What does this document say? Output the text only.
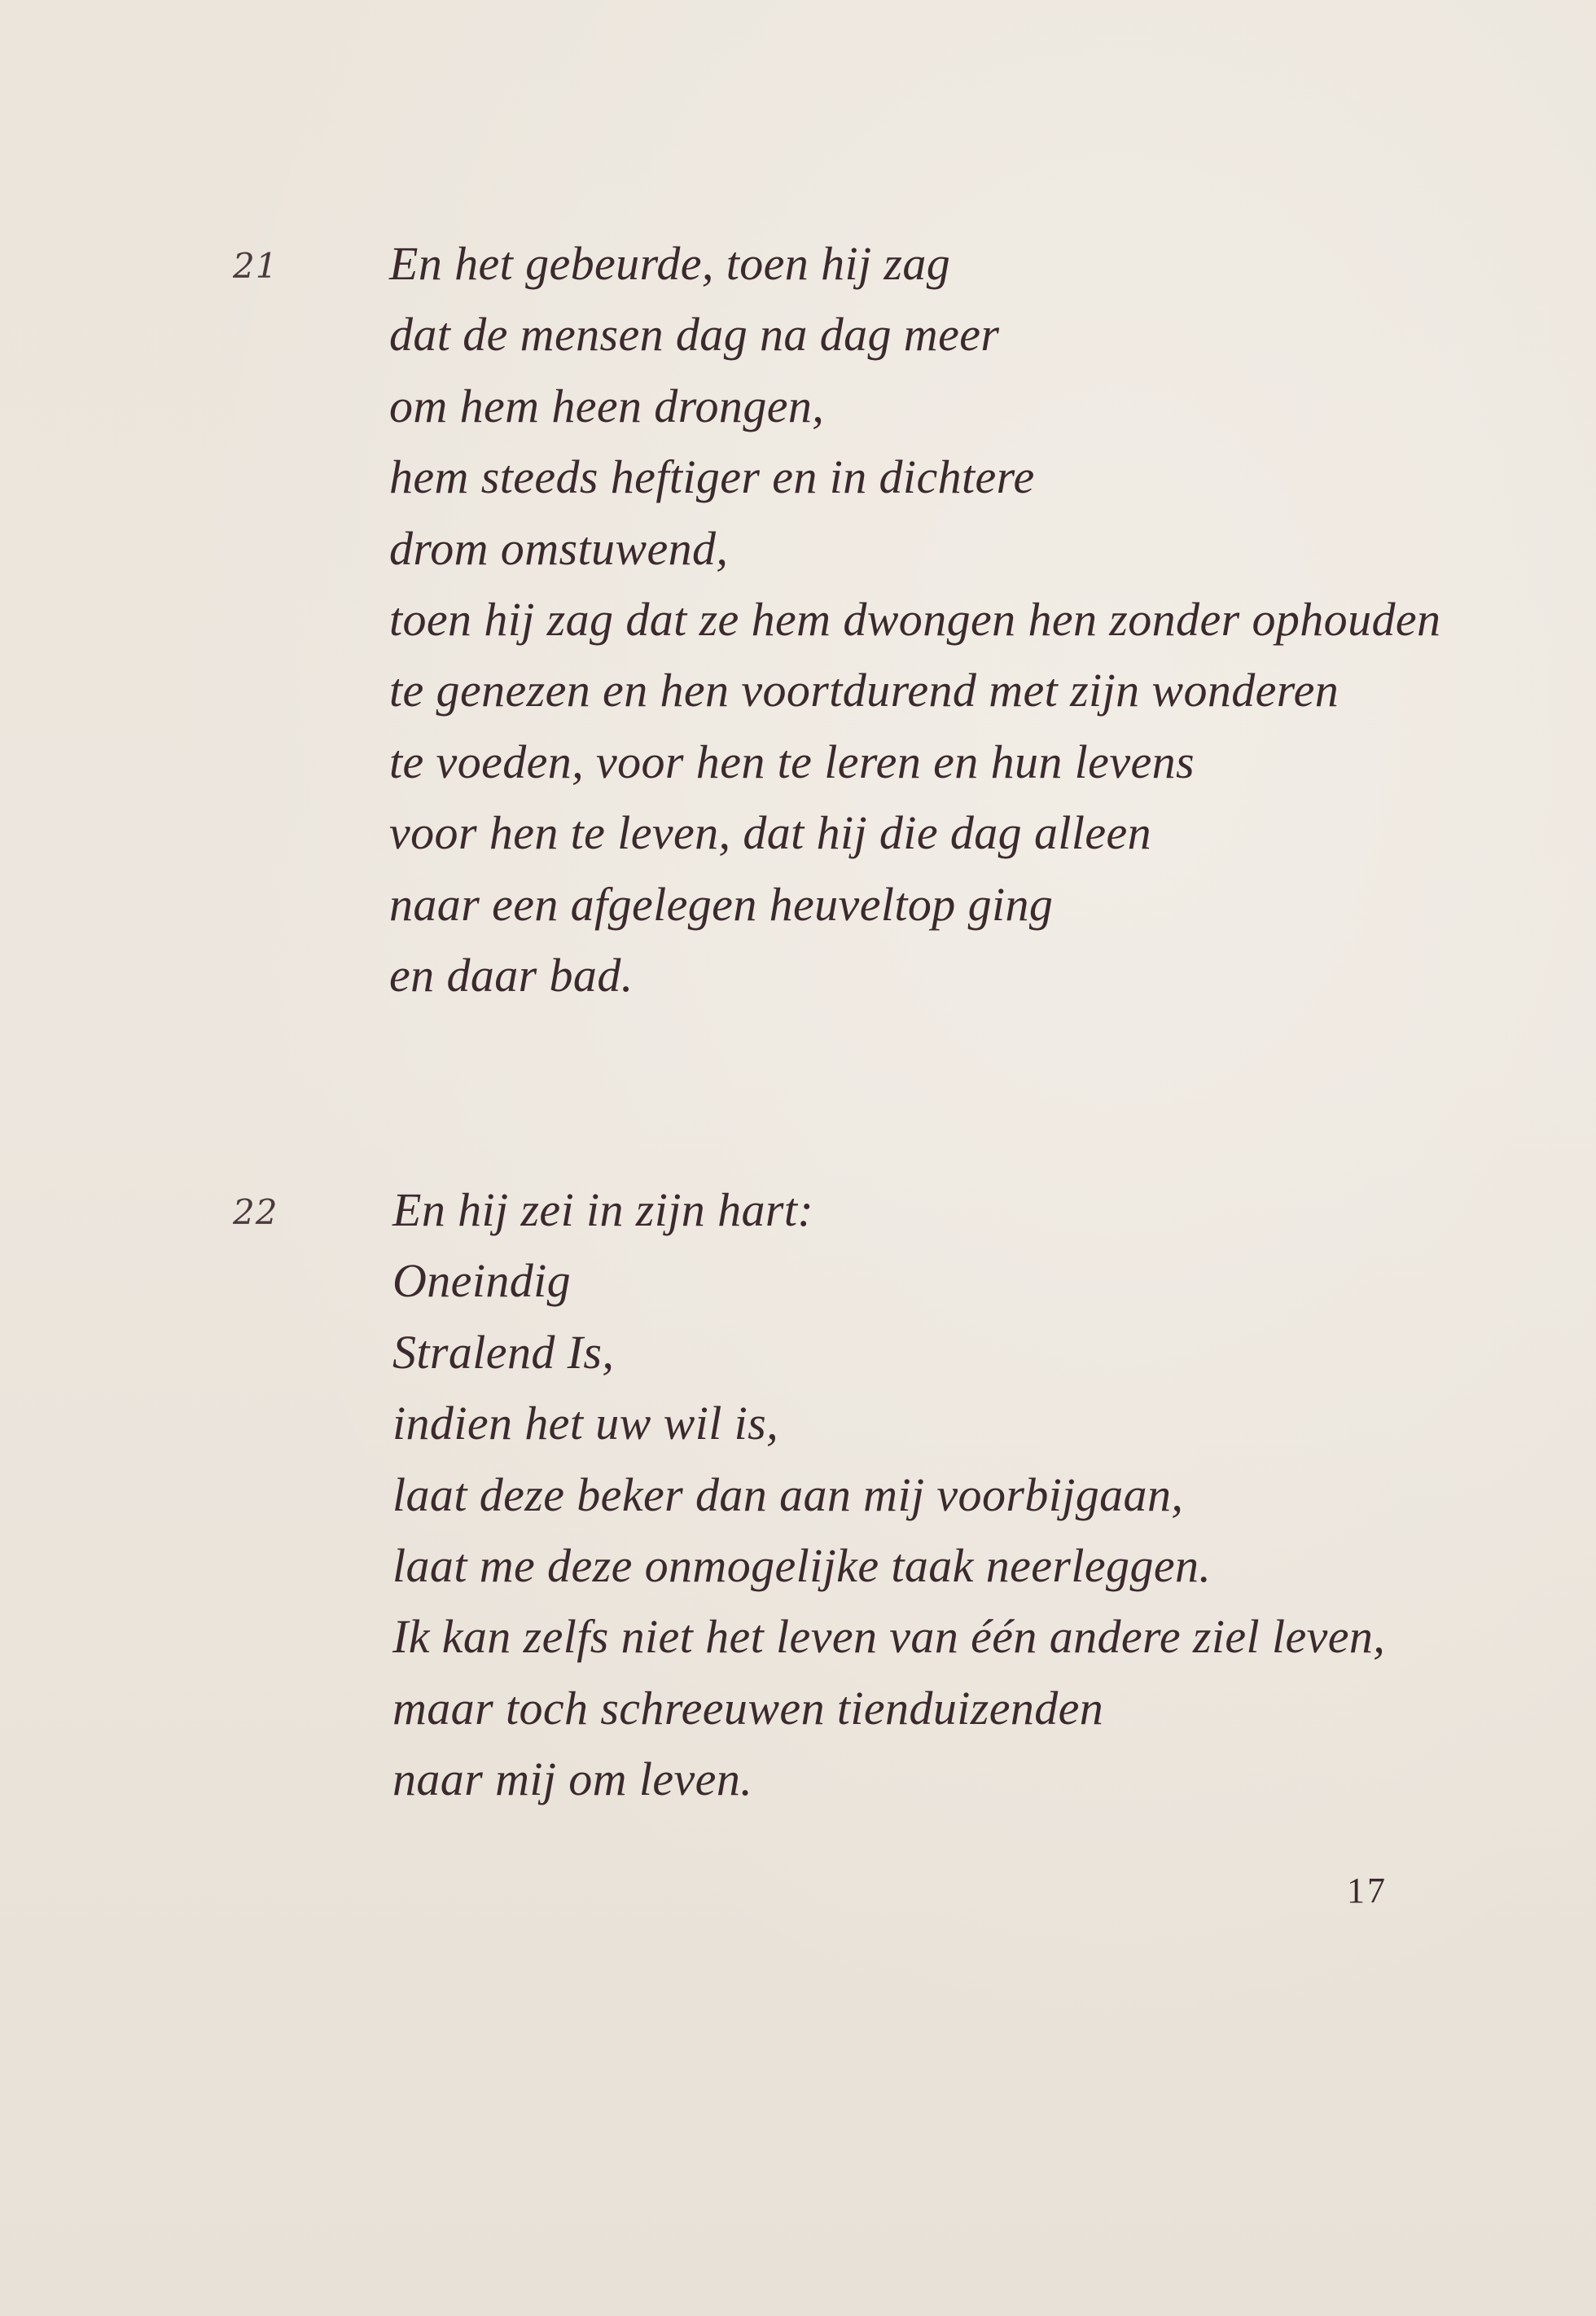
21 En het gebeurde, toen hij zag
dat de mensen dag na dag meer
om hem heen drongen,
hem steeds heftiger en in dichtere
drom omstuwend,
toen hij zag dat ze hem dwongen hen zonder ophouden
te genezen en hen voortdurend met zijn wonderen
te voeden, voor hen te leren en hun levens
voor hen te leven, dat hij die dag alleen
naar een afgelegen heuveltop ging
en daar bad.
22 En hij zei in zijn hart:
Oneindig
Stralend Is,
indien het uw wil is,
laat deze beker dan aan mij voorbijgaan,
laat me deze onmogelijke taak neerleggen.
Ik kan zelfs niet het leven van één andere ziel leven,
maar toch schreeuwen tienduizenden
naar mij om leven.
17
